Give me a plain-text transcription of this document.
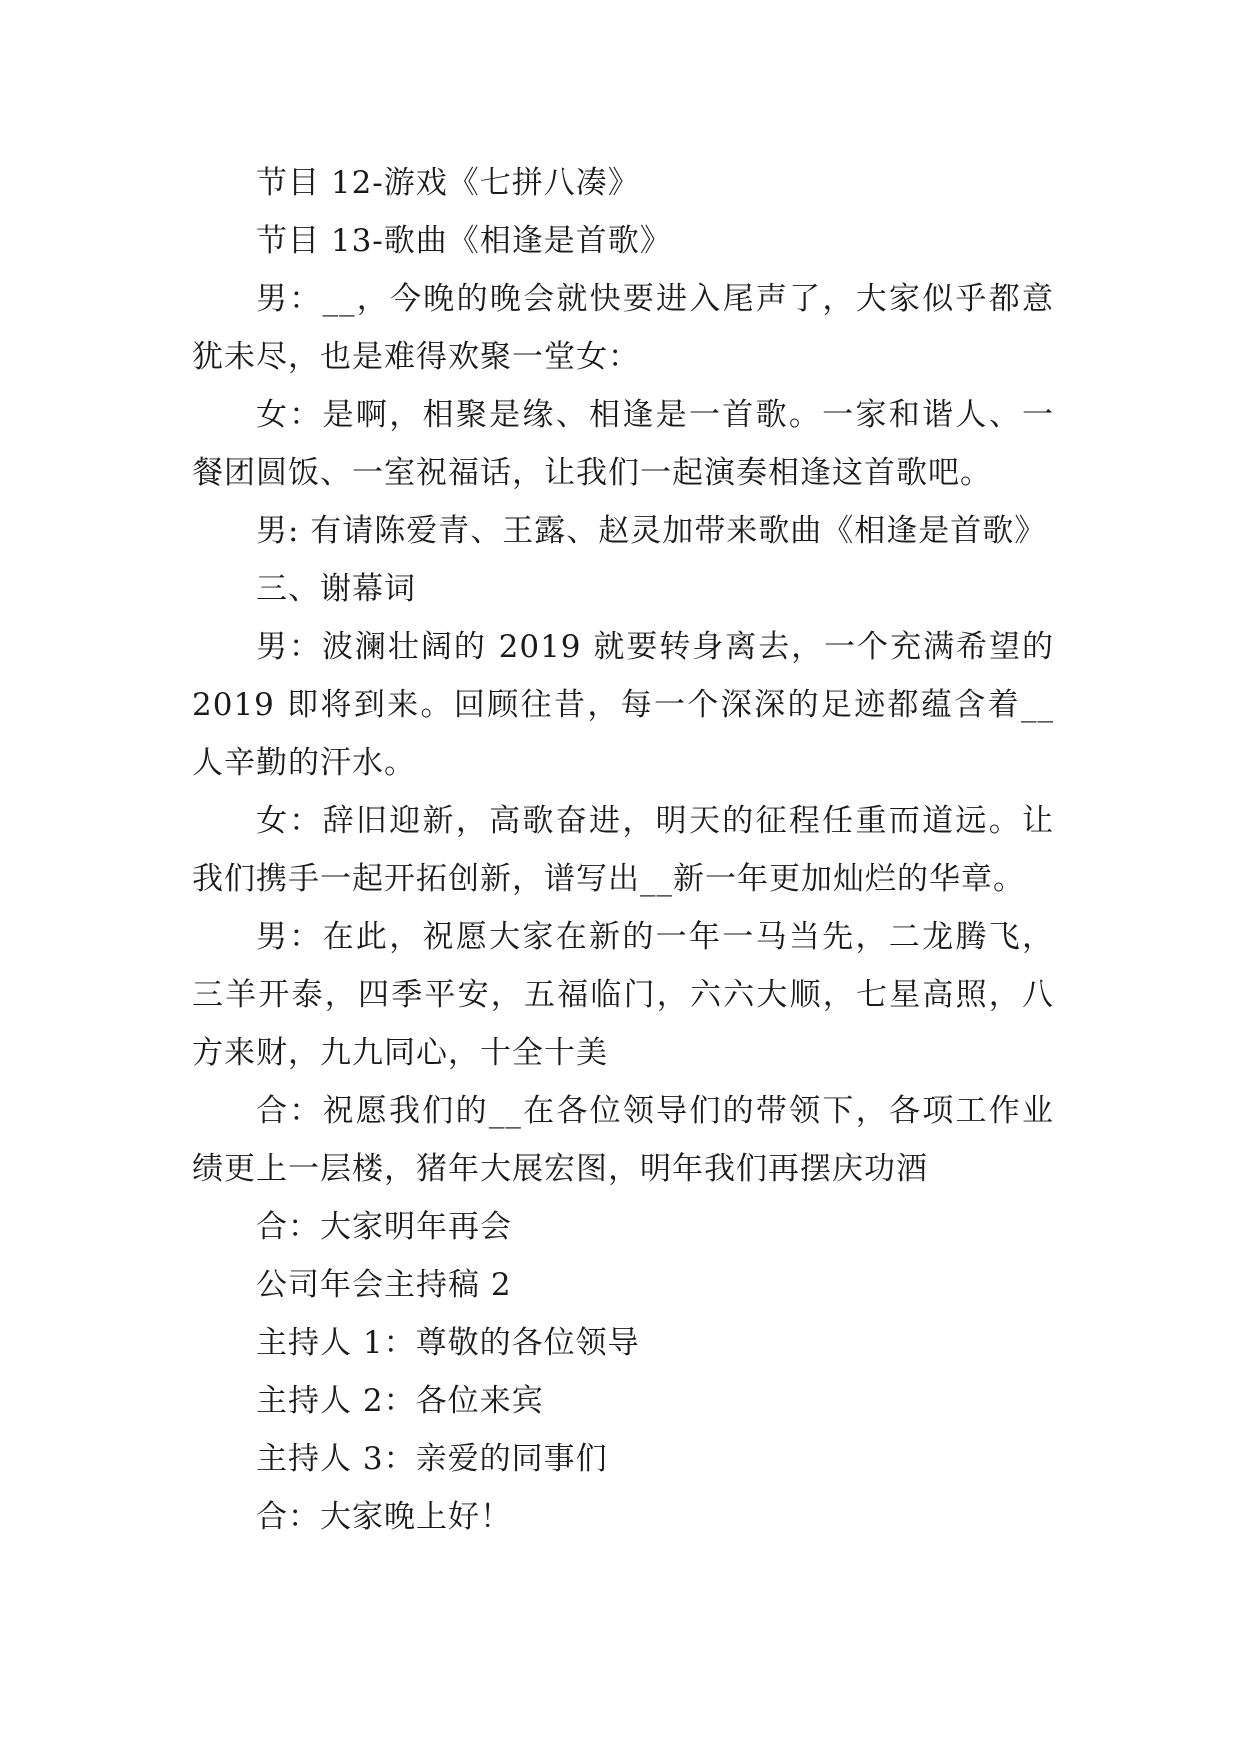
节目 12-游戏《七拼八凑》

节目 13-歌曲《相逢是首歌》

男：__，今晚的晚会就快要进入尾声了，大家似乎都意犹未尽，也是难得欢聚一堂女：

女：是啊，相聚是缘、相逢是一首歌。一家和谐人、一餐团圆饭、一室祝福话，让我们一起演奏相逢这首歌吧。

男: 有请陈爱青、王露、赵灵加带来歌曲《相逢是首歌》

三、谢幕词

男：波澜壮阔的 2019 就要转身离去，一个充满希望的 2019 即将到来。回顾往昔，每一个深深的足迹都蕴含着__人辛勤的汗水。

女：辞旧迎新，高歌奋进，明天的征程任重而道远。让我们携手一起开拓创新，谱写出__新一年更加灿烂的华章。

男：在此，祝愿大家在新的一年一马当先，二龙腾飞，三羊开泰，四季平安，五福临门，六六大顺，七星高照，八方来财，九九同心，十全十美

合：祝愿我们的__在各位领导们的带领下，各项工作业绩更上一层楼，猪年大展宏图，明年我们再摆庆功酒

合：大家明年再会

公司年会主持稿 2

主持人 1：尊敬的各位领导

主持人 2：各位来宾

主持人 3：亲爱的同事们

合：大家晚上好！
